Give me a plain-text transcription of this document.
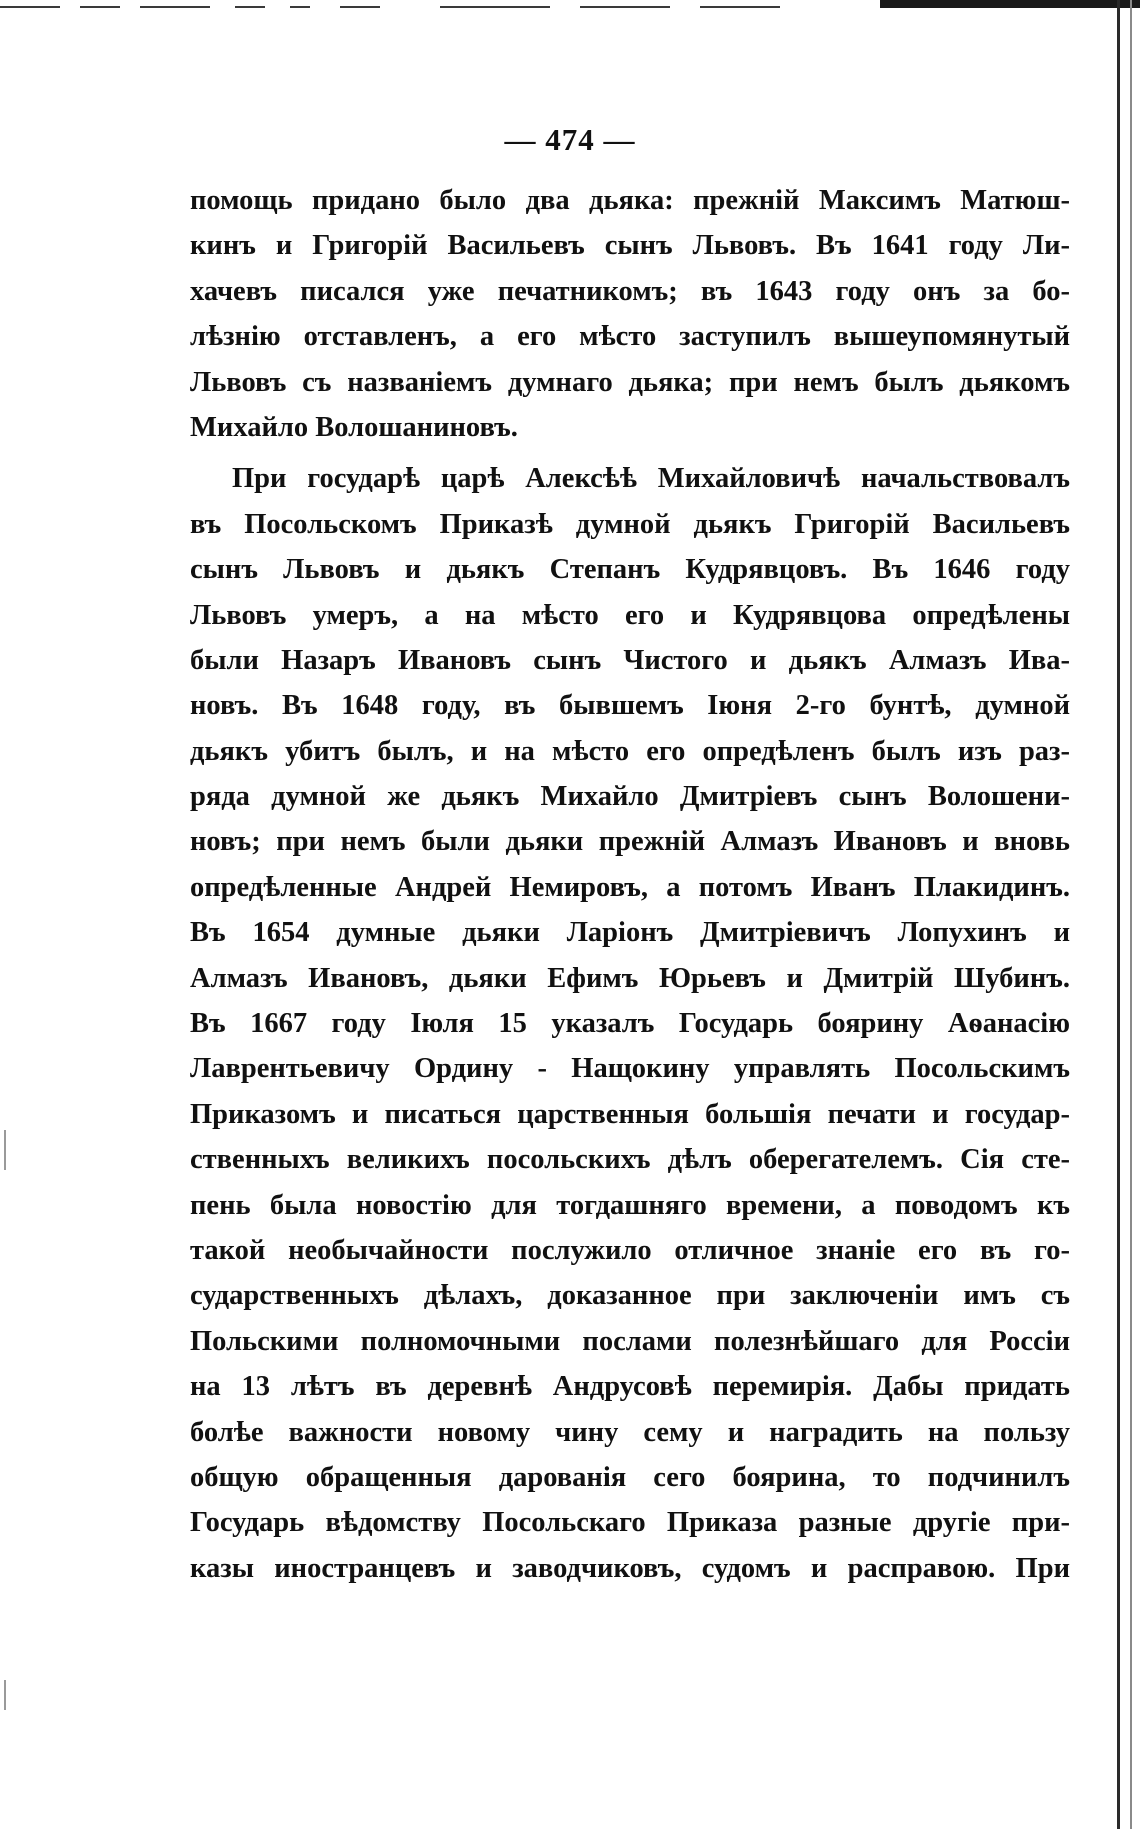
— 474 —
помощь придано было два дьяка: прежній Максимъ Матюш-
кинъ и Григорій Васильевъ сынъ Львовъ. Въ 1641 году Ли-
хачевъ писался уже печатникомъ; въ 1643 году онъ за бо-
лѣзнію отставленъ, а его мѣсто заступилъ вышеупомянутый
Львовъ съ названіемъ думнаго дьяка; при немъ былъ дьякомъ
Михайло Волошаниновъ.
При государѣ царѣ Алексѣѣ Михайловичѣ начальствовалъ
въ Посольскомъ Приказѣ думной дьякъ Григорій Васильевъ
сынъ Львовъ и дьякъ Степанъ Кудрявцовъ. Въ 1646 году
Львовъ умеръ, а на мѣсто его и Кудрявцова опредѣлены
были Назаръ Ивановъ сынъ Чистого и дьякъ Алмазъ Ива-
новъ. Въ 1648 году, въ бывшемъ Іюня 2-го бунтѣ, думной
дьякъ убитъ былъ, и на мѣсто его опредѣленъ былъ изъ раз-
ряда думной же дьякъ Михайло Дмитріевъ сынъ Волошени-
новъ; при немъ были дьяки прежній Алмазъ Ивановъ и вновь
опредѣленные Андрей Немировъ, а потомъ Иванъ Плакидинъ.
Въ 1654 думные дьяки Ларіонъ Дмитріевичъ Лопухинъ и
Алмазъ Ивановъ, дьяки Ефимъ Юрьевъ и Дмитрій Шубинъ.
Въ 1667 году Іюля 15 указалъ Государь боярину Аѳанасію
Лаврентьевичу Ордину - Нащокину управлять Посольскимъ
Приказомъ и писаться царственныя большія печати и государ-
ственныхъ великихъ посольскихъ дѣлъ оберегателемъ. Сія сте-
пень была новостію для тогдашняго времени, а поводомъ къ
такой необычайности послужило отличное знаніе его въ го-
сударственныхъ дѣлахъ, доказанное при заключеніи имъ съ
Польскими полномочными послами полезнѣйшаго для Россіи
на 13 лѣтъ въ деревнѣ Андрусовѣ перемирія. Дабы придать
болѣе важности новому чину сему и наградить на пользу
общую обращенныя дарованія сего боярина, то подчинилъ
Государь вѣдомству Посольскаго Приказа разные другіе при-
казы иностранцевъ и заводчиковъ, судомъ и расправою. При
